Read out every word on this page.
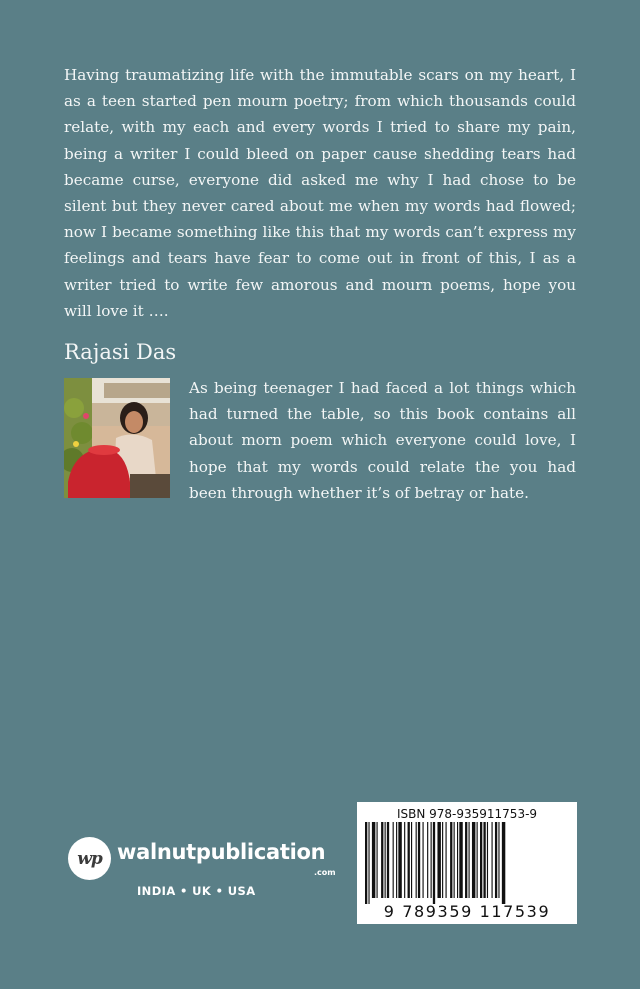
Having traumatizing life with the immutable scars on my heart, I as a teen started pen mourn poetry; from which thousands could relate, with my each and every words I tried to share my pain, being a writer I could bleed on paper cause shedding tears had became curse, everyone did asked me why I had chose to be silent but they never cared about me when my words had flowed; now I became something like this that my words can’t express my feelings and tears have fear to come out in front of this, I as a writer tried to write few amorous and mourn poems, hope you will love it ….

Rajasi Das

As being teenager I had faced a lot things which had turned the table, so this book contains all about morn poem which everyone could love, I hope that my words could relate the you had been through whether it’s of betray or hate.

wp walnutpublication

.com

INDIA • UK • USA

ISBN 978-935911753-9

9 789359 117539
